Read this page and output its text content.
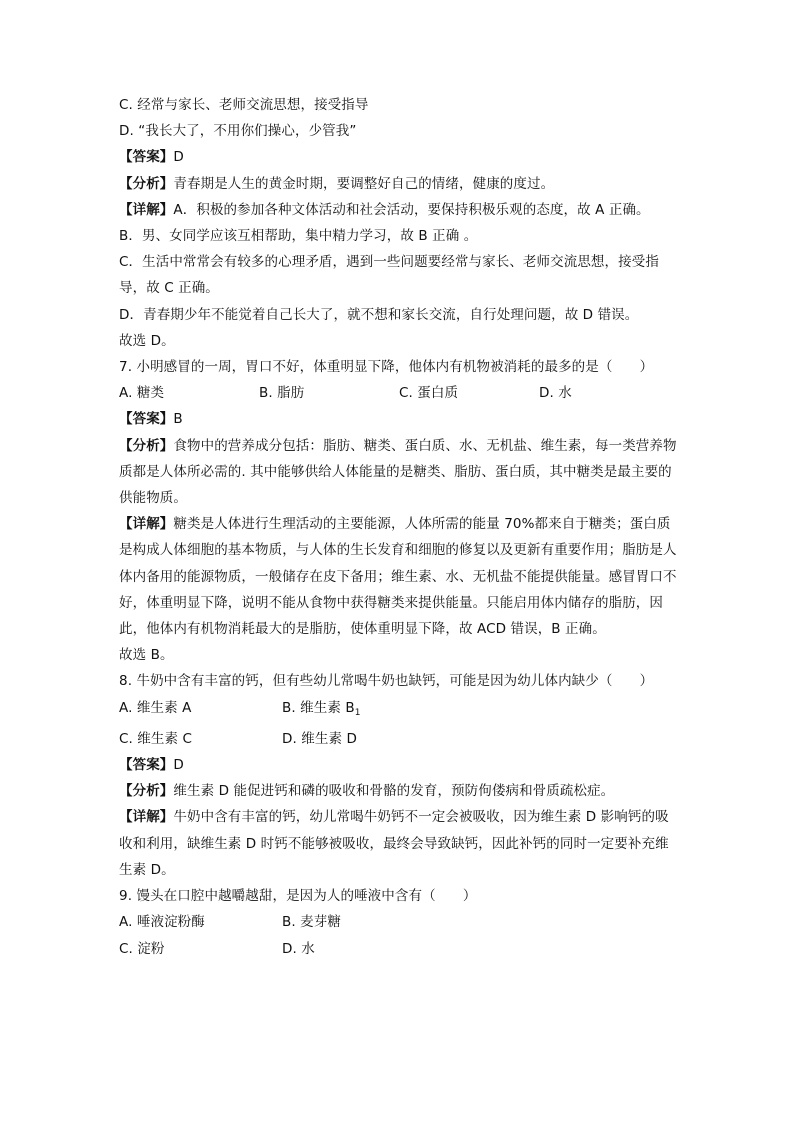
C. 经常与家长、老师交流思想，接受指导
D. “我长大了，不用你们操心，少管我”
【答案】D
【分析】青春期是人生的黄金时期，要调整好自己的情绪，健康的度过。
【详解】A．积极的参加各种文体活动和社会活动，要保持积极乐观的态度，故 A 正确。
B．男、女同学应该互相帮助，集中精力学习，故 B 正确 。
C．生活中常常会有较多的心理矛盾，遇到一些问题要经常与家长、老师交流思想，接受指导，故 C 正确。
D．青春期少年不能觉着自己长大了，就不想和家长交流，自行处理问题，故 D 错误。
故选 D。
7. 小明感冒的一周，胃口不好，体重明显下降，他体内有机物被消耗的最多的是（　　）
A. 糖类	B. 脂肪	C. 蛋白质	D. 水
【答案】B
【分析】食物中的营养成分包括：脂肪、糖类、蛋白质、水、无机盐、维生素，每一类营养物质都是人体所必需的. 其中能够供给人体能量的是糖类、脂肪、蛋白质，其中糖类是最主要的供能物质。
【详解】糖类是人体进行生理活动的主要能源，人体所需的能量 70%都来自于糖类；蛋白质是构成人体细胞的基本物质，与人体的生长发育和细胞的修复以及更新有重要作用；脂肪是人体内备用的能源物质，一般储存在皮下备用；维生素、水、无机盐不能提供能量。感冒胃口不好，体重明显下降，说明不能从食物中获得糖类来提供能量。只能启用体内储存的脂肪，因此，他体内有机物消耗最大的是脂肪，使体重明显下降，故 ACD 错误，B 正确。
故选 B。
8. 牛奶中含有丰富的钙，但有些幼儿常喝牛奶也缺钙，可能是因为幼儿体内缺少（　　）
A. 维生素 A	B. 维生素 $B_1$
C. 维生素 C	D. 维生素 D
【答案】D
【分析】维生素 D 能促进钙和磷的吸收和骨骼的发育，预防佝偻病和骨质疏松症。
【详解】牛奶中含有丰富的钙，幼儿常喝牛奶钙不一定会被吸收，因为维生素 D 影响钙的吸收和利用，缺维生素 D 时钙不能够被吸收，最终会导致缺钙，因此补钙的同时一定要补充维生素 D。
9. 馒头在口腔中越嚼越甜，是因为人的唾液中含有（　　）
A. 唾液淀粉酶	B. 麦芽糖
C. 淀粉	D. 水
